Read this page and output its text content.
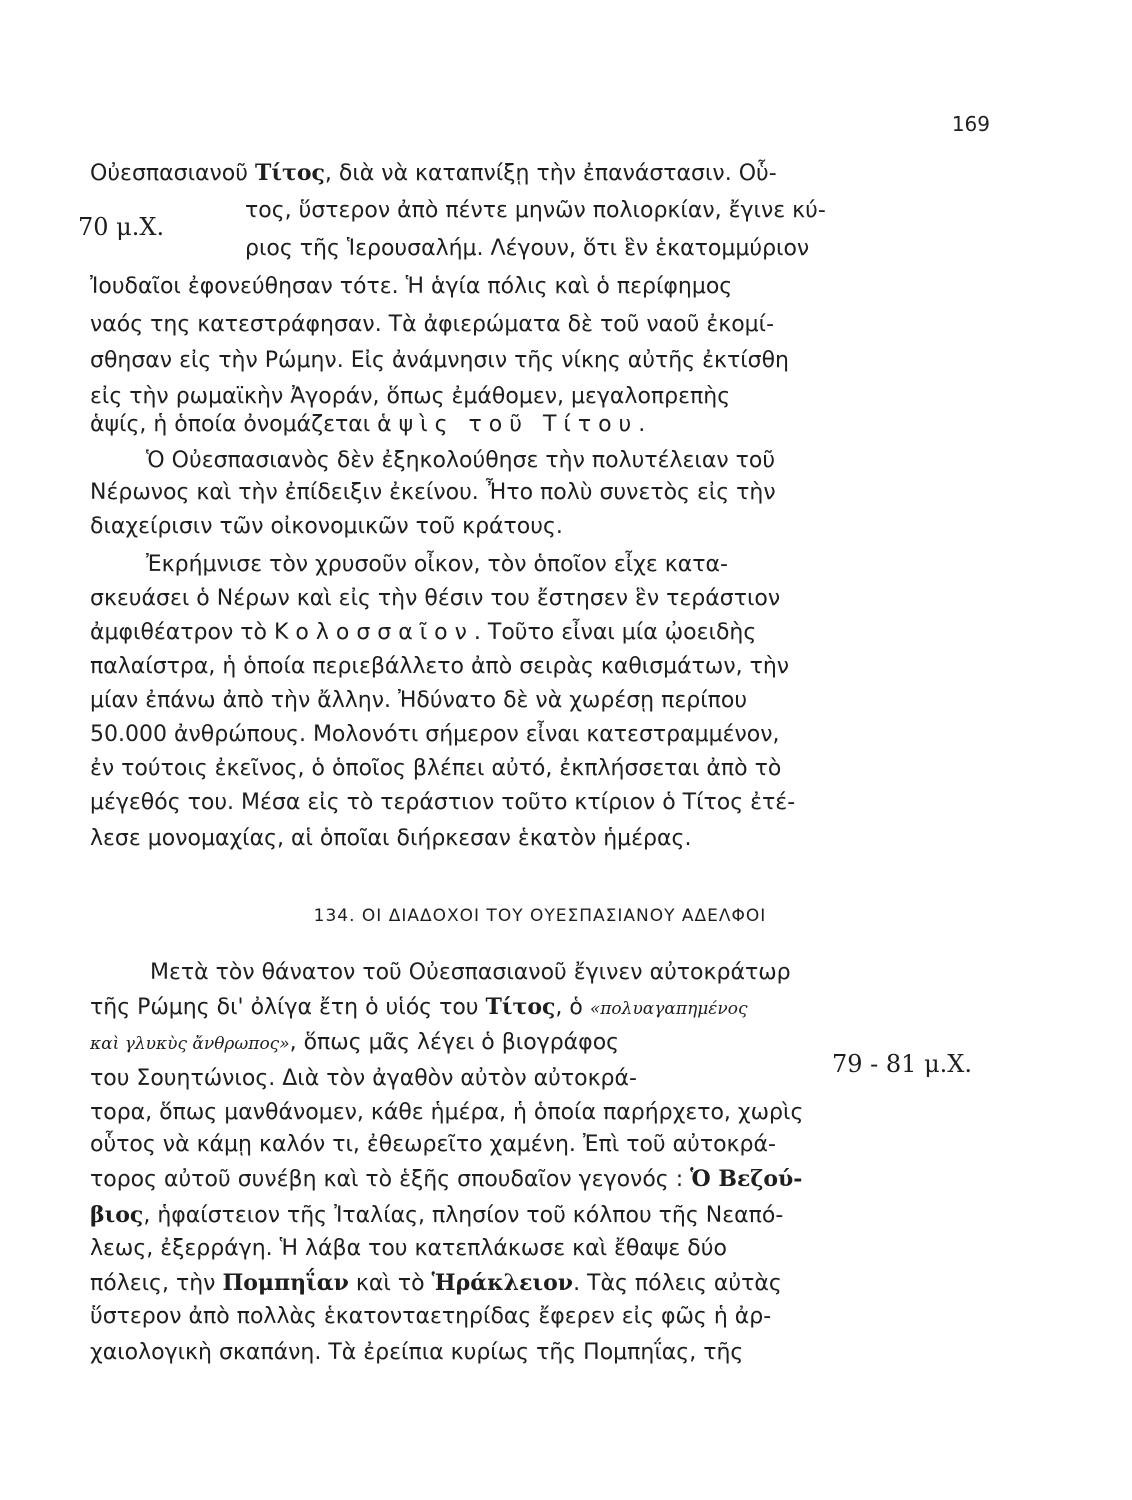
169
70 μ.Χ.
79 - 81 μ.Χ.
Οὐεσπασιανοῦ Τίτος, διὰ νὰ καταπνίξῃ τὴν ἐπανάστασιν. Οὗ-
τος, ὕστερον ἀπὸ πέντε μηνῶν πολιορκίαν, ἔγινε κύ-
ριος τῆς Ἱερουσαλήμ. Λέγουν, ὅτι ἓν ἑκατομμύριον
Ἰουδαῖοι ἐφονεύθησαν τότε. Ἡ ἁγία πόλις καὶ ὁ περίφημος
ναός της κατεστράφησαν. Τὰ ἀφιερώματα δὲ τοῦ ναοῦ ἐκομί-
σθησαν εἰς τὴν Ρώμην. Εἰς ἀνάμνησιν τῆς νίκης αὐτῆς ἐκτίσθη
εἰς τὴν ρωμαϊκὴν Ἀγοράν, ὅπως ἐμάθομεν, μεγαλοπρεπὴς
ἁψίς, ἡ ὁποία ὀνομάζεται ἁψὶς τοῦ Τίτου.
Ὁ Οὐεσπασιανὸς δὲν ἐξηκολούθησε τὴν πολυτέλειαν τοῦ
Νέρωνος καὶ τὴν ἐπίδειξιν ἐκείνου. Ἦτο πολὺ συνετὸς εἰς τὴν
διαχείρισιν τῶν οἰκονομικῶν τοῦ κράτους.
Ἐκρήμνισε τὸν χρυσοῦν οἶκον, τὸν ὁποῖον εἶχε κατα-
σκευάσει ὁ Νέρων καὶ εἰς τὴν θέσιν του ἔστησεν ἓν τεράστιον
ἀμφιθέατρον τὸ Κολοσσαῖον. Τοῦτο εἶναι μία ᾠοειδὴς
παλαίστρα, ἡ ὁποία περιεβάλλετο ἀπὸ σειρὰς καθισμάτων, τὴν
μίαν ἐπάνω ἀπὸ τὴν ἄλλην. Ἠδύνατο δὲ νὰ χωρέσῃ περίπου
50.000 ἀνθρώπους. Μολονότι σήμερον εἶναι κατεστραμμένον,
ἐν τούτοις ἐκεῖνος, ὁ ὁποῖος βλέπει αὐτό, ἐκπλήσσεται ἀπὸ τὸ
μέγεθός του. Μέσα εἰς τὸ τεράστιον τοῦτο κτίριον ὁ Τίτος ἐτέ-
λεσε μονομαχίας, αἱ ὁποῖαι διήρκεσαν ἑκατὸν ἡμέρας.
134. ΟΙ ΔΙΑΔΟΧΟΙ ΤΟΥ ΟΥΕΣΠΑΣΙΑΝΟΥ ΑΔΕΛΦΟΙ
Μετὰ τὸν θάνατον τοῦ Οὐεσπασιανοῦ ἔγινεν αὐτοκράτωρ
τῆς Ρώμης δι' ὀλίγα ἔτη ὁ υἱός του Τίτος, ὁ «πολυαγαπημένος
καὶ γλυκὺς ἄνθρωπος», ὅπως μᾶς λέγει ὁ βιογράφος
του Σουητώνιος. Διὰ τὸν ἀγαθὸν αὐτὸν αὐτοκρά-
τορα, ὅπως μανθάνομεν, κάθε ἡμέρα, ἡ ὁποία παρήρχετο, χωρὶς
οὗτος νὰ κάμῃ καλόν τι, ἐθεωρεῖτο χαμένη. Ἐπὶ τοῦ αὐτοκρά-
τορος αὐτοῦ συνέβη καὶ τὸ ἑξῆς σπουδαῖον γεγονός : Ὁ Βεζού-
βιος, ἡφαίστειον τῆς Ἰταλίας, πλησίον τοῦ κόλπου τῆς Νεαπό-
λεως, ἐξερράγη. Ἡ λάβα του κατεπλάκωσε καὶ ἔθαψε δύο
πόλεις, τὴν Πομπηΐαν καὶ τὸ Ἡράκλειον. Τὰς πόλεις αὐτὰς
ὕστερον ἀπὸ πολλὰς ἑκατονταετηρίδας ἔφερεν εἰς φῶς ἡ ἀρ-
χαιολογικὴ σκαπάνη. Τὰ ἐρείπια κυρίως τῆς Πομπηΐας, τῆς
